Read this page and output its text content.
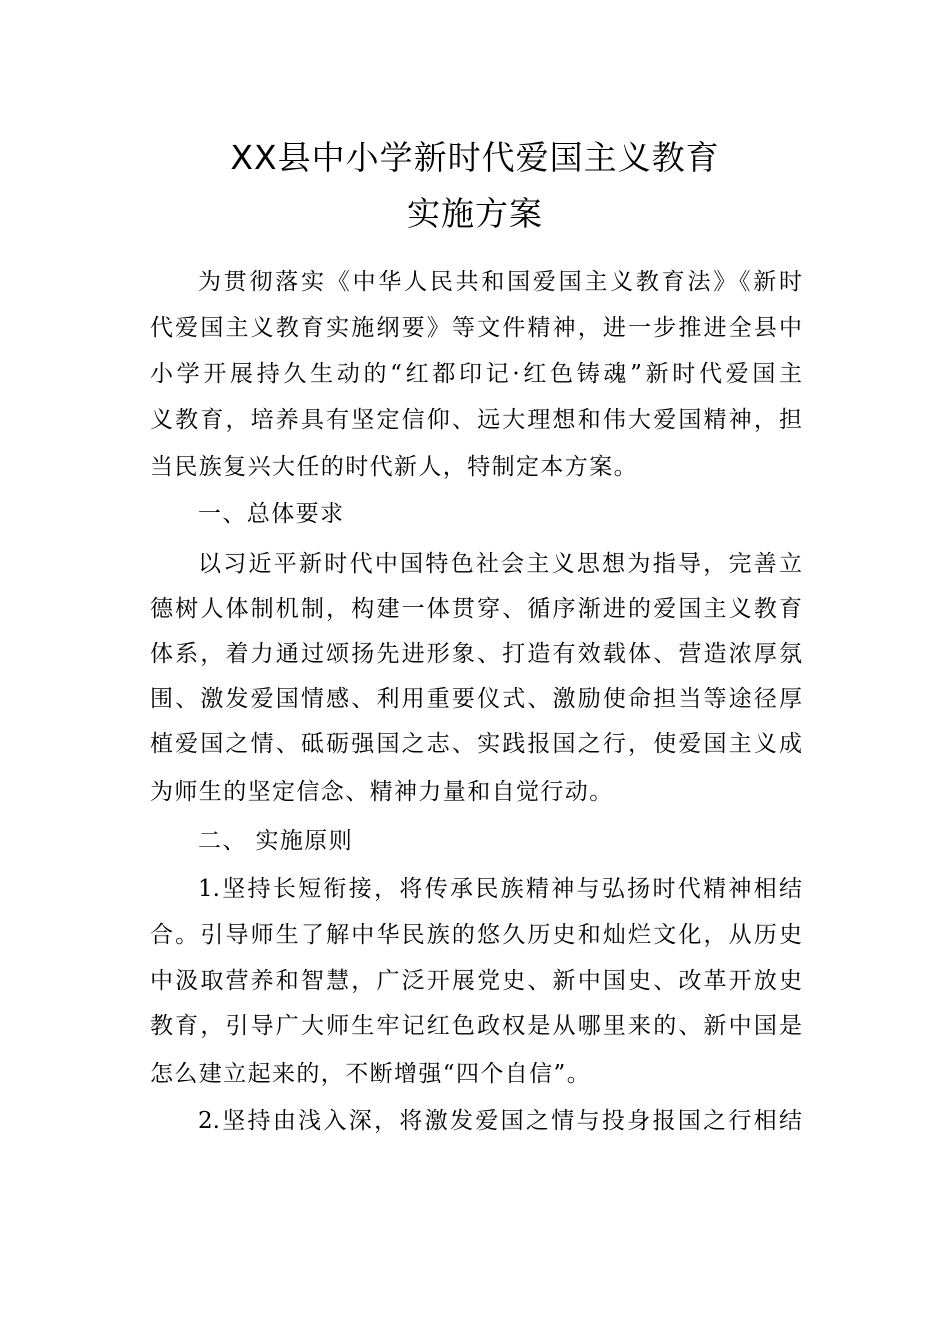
XX县中小学新时代爱国主义教育
实施方案

为贯彻落实《中华人民共和国爱国主义教育法》《新时

代爱国主义教育实施纲要》等文件精神，进一步推进全县中

小学开展持久生动的“红都印记·红色铸魂”新时代爱国主

义教育，培养具有坚定信仰、远大理想和伟大爱国精神，担

当民族复兴大任的时代新人，特制定本方案。

一、总体要求

以习近平新时代中国特色社会主义思想为指导，完善立

德树人体制机制，构建一体贯穿、循序渐进的爱国主义教育

体系，着力通过颂扬先进形象、打造有效载体、营造浓厚氛

围、激发爱国情感、利用重要仪式、激励使命担当等途径厚

植爱国之情、砥砺强国之志、实践报国之行，使爱国主义成

为师生的坚定信念、精神力量和自觉行动。

二、 实施原则

1.坚持长短衔接，将传承民族精神与弘扬时代精神相结

合。引导师生了解中华民族的悠久历史和灿烂文化，从历史

中汲取营养和智慧，广泛开展党史、新中国史、改革开放史

教育，引导广大师生牢记红色政权是从哪里来的、新中国是

怎么建立起来的，不断增强“四个自信”。

2.坚持由浅入深，将激发爱国之情与投身报国之行相结
